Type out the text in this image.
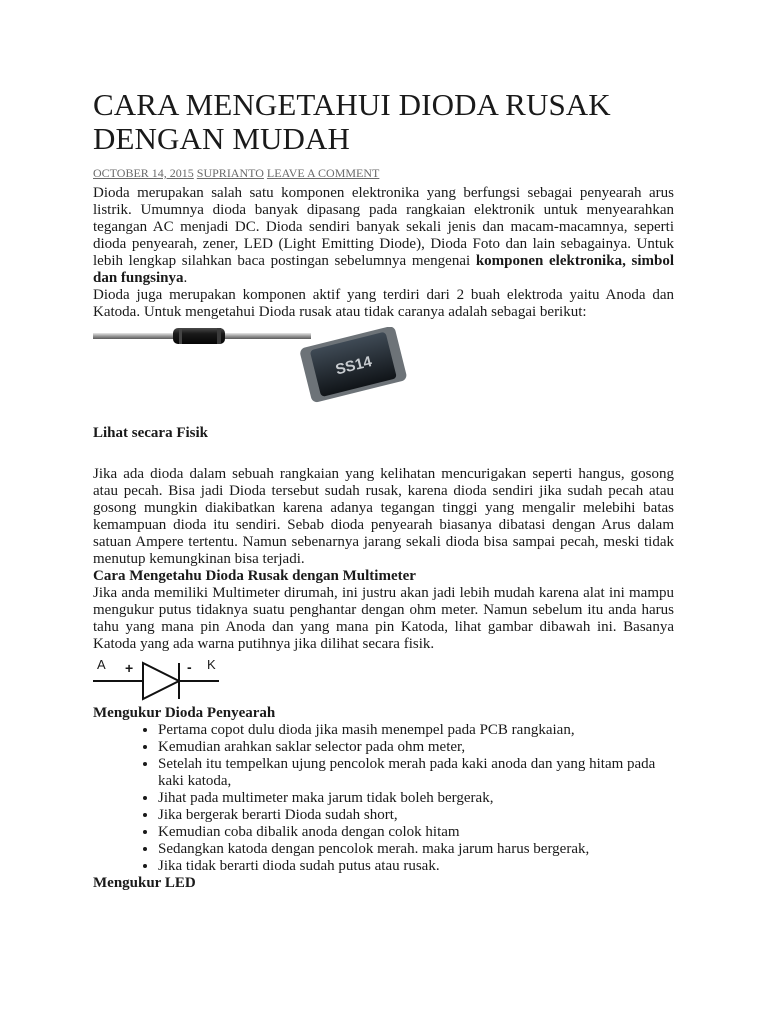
CARA MENGETAHUI DIODA RUSAK DENGAN MUDAH
OCTOBER 14, 2015 SUPRIANTO LEAVE A COMMENT

Dioda merupakan salah satu komponen elektronika yang berfungsi sebagai penyearah arus listrik. Umumnya dioda banyak dipasang pada rangkaian elektronik untuk menyearahkan tegangan AC menjadi DC. Dioda sendiri banyak sekali jenis dan macam-macamnya, seperti dioda penyearah, zener, LED (Light Emitting Diode), Dioda Foto dan lain sebagainya. Untuk lebih lengkap silahkan baca postingan sebelumnya mengenai komponen elektronika, simbol dan fungsinya.

Dioda juga merupakan komponen aktif yang terdiri dari 2 buah elektroda yaitu Anoda dan Katoda. Untuk mengetahui Dioda rusak atau tidak caranya adalah sebagai berikut:

SS14

Lihat secara Fisik

Jika ada dioda dalam sebuah rangkaian yang kelihatan mencurigakan seperti hangus, gosong atau pecah. Bisa jadi Dioda tersebut sudah rusak, karena dioda sendiri jika sudah pecah atau gosong mungkin diakibatkan karena adanya tegangan tinggi yang mengalir melebihi batas kemampuan dioda itu sendiri. Sebab dioda penyearah biasanya dibatasi dengan Arus dalam satuan Ampere tertentu. Namun sebenarnya jarang sekali dioda bisa sampai pecah, meski tidak menutup kemungkinan bisa terjadi.

Cara Mengetahu Dioda Rusak dengan Multimeter

Jika anda memiliki Multimeter dirumah, ini justru akan jadi lebih mudah karena alat ini mampu mengukur putus tidaknya suatu penghantar dengan ohm meter. Namun sebelum itu anda harus tahu yang mana pin Anoda dan yang mana pin Katoda, lihat gambar dibawah ini. Basanya Katoda yang ada warna putihnya jika dilihat secara fisik.

A +	- K

Mengukur Dioda Penyearah

• Pertama copot dulu dioda jika masih menempel pada PCB rangkaian,
• Kemudian arahkan saklar selector pada ohm meter,
• Setelah itu tempelkan ujung pencolok merah pada kaki anoda dan yang hitam pada kaki katoda,
• Jihat pada multimeter maka jarum tidak boleh bergerak,
• Jika bergerak berarti Dioda sudah short,
• Kemudian coba dibalik anoda dengan colok hitam
• Sedangkan katoda dengan pencolok merah. maka jarum harus bergerak,
• Jika tidak berarti dioda sudah putus atau rusak.

Mengukur LED
